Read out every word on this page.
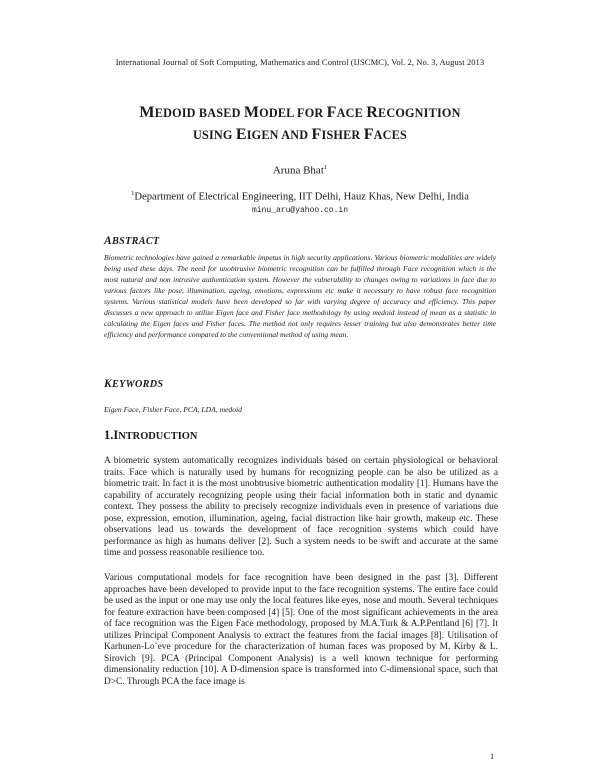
International Journal of Soft Computing, Mathematics and Control (IJSCMC), Vol. 2, No. 3, August 2013
MEDOID BASED MODEL FOR FACE RECOGNITION
USING EIGEN AND FISHER FACES
Aruna Bhat$^1$
$^1$Department of Electrical Engineering, IIT Delhi, Hauz Khas, New Delhi, India
minu_aru@yahoo.co.in
ABSTRACT
Biometric technologies have gained a remarkable impetus in high security applications. Various biometric modalities are widely being used these days. The need for unobtrusive biometric recognition can be fulfilled through Face recognition which is the most natural and non intrusive authentication system. However the vulnerability to changes owing to variations in face due to various factors like pose, illumination, ageing, emotions, expressions etc make it necessary to have robust face recognition systems. Various statistical models have been developed so far with varying degree of accuracy and efficiency. This paper discusses a new approach to utilize Eigen face and Fisher face methodology by using medoid instead of mean as a statistic in calculating the Eigen faces and Fisher faces. The method not only requires lesser training but also demonstrates better time efficiency and performance compared to the conventional method of using mean.
KEYWORDS
Eigen Face, Fisher Face, PCA, LDA, medoid
1.INTRODUCTION
A biometric system automatically recognizes individuals based on certain physiological or behavioral traits. Face which is naturally used by humans for recognizing people can be also be utilized as a biometric trait. In fact it is the most unobtrusive biometric authentication modality [1]. Humans have the capability of accurately recognizing people using their facial information both in static and dynamic context. They possess the ability to precisely recognize individuals even in presence of variations due pose, expression, emotion, illumination, ageing, facial distraction like hair growth, makeup etc. These observations lead us towards the development of face recognition systems which could have performance as high as humans deliver [2]. Such a system needs to be swift and accurate at the same time and possess reasonable resilience too.
Various computational models for face recognition have been designed in the past [3]. Different approaches have been developed to provide input to the face recognition systems. The entire face could be used as the input or one may use only the local features like eyes, nose and mouth. Several techniques for feature extraction have been composed [4] [5]. One of the most significant achievements in the area of face recognition was the Eigen Face methodology, proposed by M.A.Turk & A.P.Pentland [6] [7]. It utilizes Principal Component Analysis to extract the features from the facial images [8]. Utilisation of Karhunen-Lo`eve procedure for the characterization of human faces was proposed by M. Kirby & L. Sirovich [9]. PCA (Principal Component Analysis) is a well known technique for performing dimensionality reduction [10]. A D-dimension space is transformed into C-dimensional space, such that D>C. Through PCA the face image is
1
